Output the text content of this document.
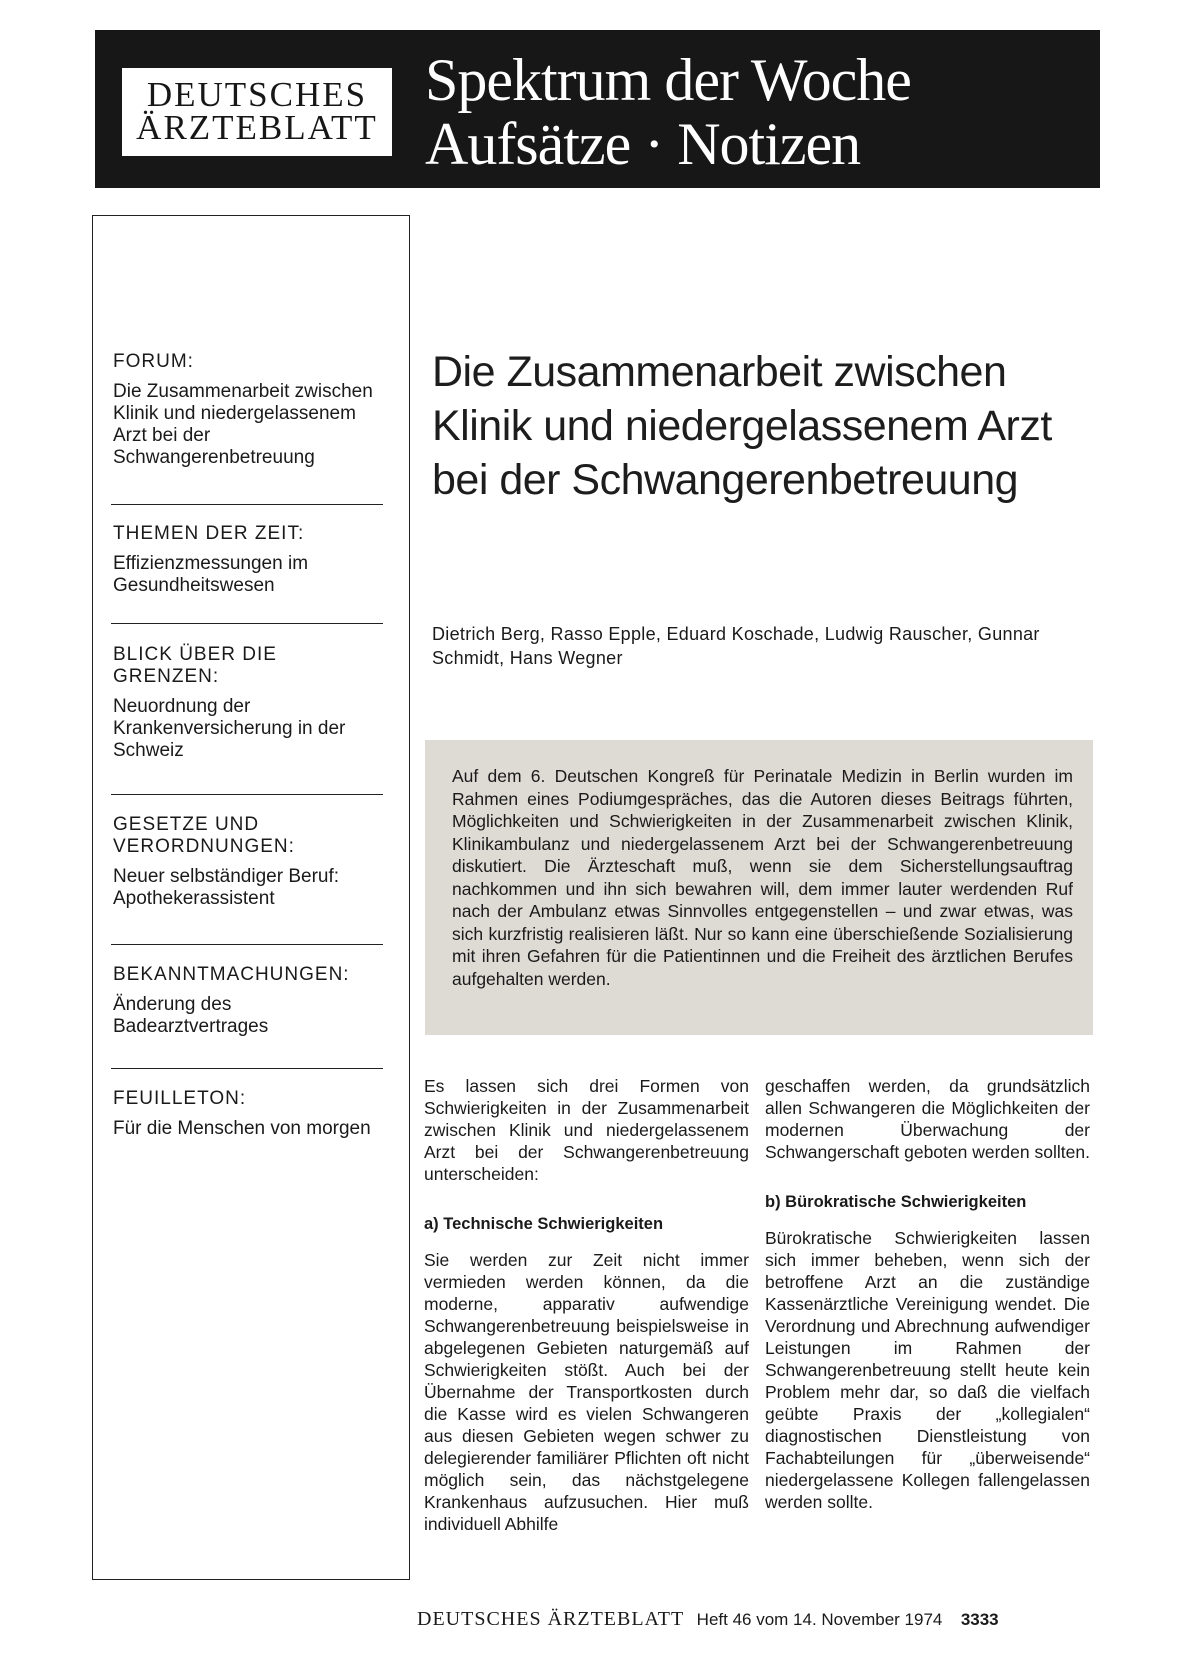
DEUTSCHES
ÄRZTEBLATT
Spektrum der Woche
Aufsätze · Notizen
FORUM:
Die Zusammenarbeit zwischen Klinik und niedergelassenem Arzt bei der Schwangerenbetreuung
THEMEN DER ZEIT:
Effizienzmessungen im Gesundheitswesen
BLICK ÜBER DIE GRENZEN:
Neuordnung der Krankenversicherung in der Schweiz
GESETZE UND VERORDNUNGEN:
Neuer selbständiger Beruf: Apothekerassistent
BEKANNTMACHUNGEN:
Änderung des Badearztvertrages
FEUILLETON:
Für die Menschen von morgen
Die Zusammenarbeit zwischen Klinik und niedergelassenem Arzt bei der Schwangerenbetreuung
Dietrich Berg, Rasso Epple, Eduard Koschade, Ludwig Rauscher, Gunnar Schmidt, Hans Wegner
Auf dem 6. Deutschen Kongreß für Perinatale Medizin in Berlin wurden im Rahmen eines Podiumgespräches, das die Autoren dieses Beitrags führten, Möglichkeiten und Schwierigkeiten in der Zusammenarbeit zwischen Klinik, Klinikambulanz und niedergelassenem Arzt bei der Schwangerenbetreuung diskutiert. Die Ärzteschaft muß, wenn sie dem Sicherstellungsauftrag nachkommen und ihn sich bewahren will, dem immer lauter werdenden Ruf nach der Ambulanz etwas Sinnvolles entgegenstellen – und zwar etwas, was sich kurzfristig realisieren läßt. Nur so kann eine überschießende Sozialisierung mit ihren Gefahren für die Patientinnen und die Freiheit des ärztlichen Berufes aufgehalten werden.

Es lassen sich drei Formen von Schwierigkeiten in der Zusammenarbeit zwischen Klinik und niedergelassenem Arzt bei der Schwangerenbetreuung unterscheiden:

a) Technische Schwierigkeiten

Sie werden zur Zeit nicht immer vermieden werden können, da die moderne, apparativ aufwendige Schwangerenbetreuung beispielsweise in abgelegenen Gebieten naturgemäß auf Schwierigkeiten stößt. Auch bei der Übernahme der Transportkosten durch die Kasse wird es vielen Schwangeren aus diesen Gebieten wegen schwer zu delegierender familiärer Pflichten oft nicht möglich sein, das nächstgelegene Krankenhaus aufzusuchen. Hier muß individuell Abhilfe

geschaffen werden, da grundsätzlich allen Schwangeren die Möglichkeiten der modernen Überwachung der Schwangerschaft geboten werden sollten.

b) Bürokratische Schwierigkeiten

Bürokratische Schwierigkeiten lassen sich immer beheben, wenn sich der betroffene Arzt an die zuständige Kassenärztliche Vereinigung wendet. Die Verordnung und Abrechnung aufwendiger Leistungen im Rahmen der Schwangerenbetreuung stellt heute kein Problem mehr dar, so daß die vielfach geübte Praxis der „kollegialen“ diagnostischen Dienstleistung von Fachabteilungen für „überweisende“ niedergelassene Kollegen fallengelassen werden sollte.

DEUTSCHES ÄRZTEBLATT Heft 46 vom 14. November 1974 3333
